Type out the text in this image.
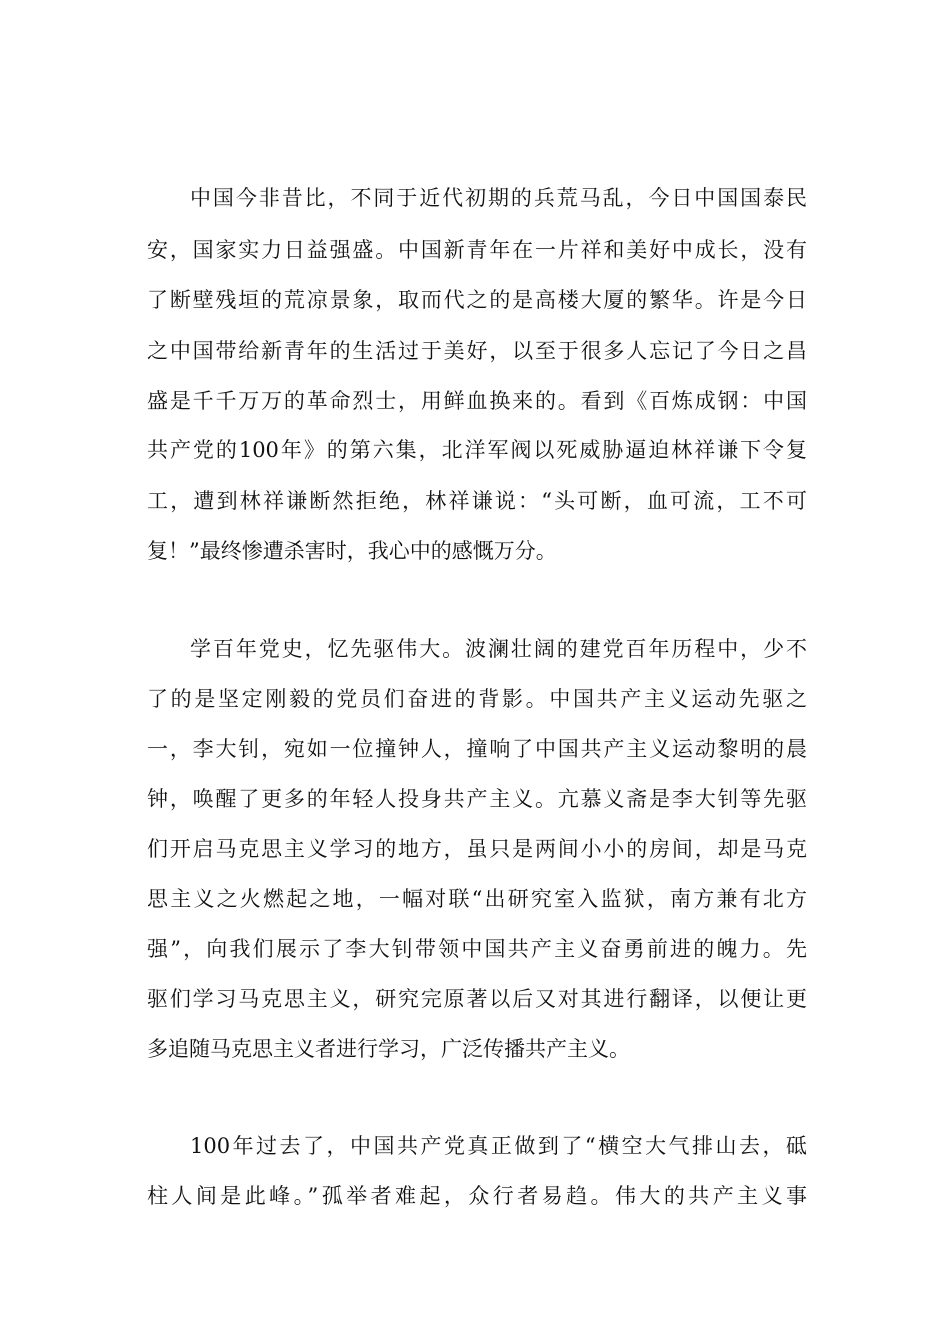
中国今非昔比，不同于近代初期的兵荒马乱，今日中国国泰民
安，国家实力日益强盛。中国新青年在一片祥和美好中成长，没有
了断壁残垣的荒凉景象，取而代之的是高楼大厦的繁华。许是今日
之中国带给新青年的生活过于美好，以至于很多人忘记了今日之昌
盛是千千万万的革命烈士，用鲜血换来的。看到《百炼成钢：中国
共产党的100年》的第六集，北洋军阀以死威胁逼迫林祥谦下令复
工，遭到林祥谦断然拒绝，林祥谦说：“头可断，血可流，工不可
复！”最终惨遭杀害时，我心中的感慨万分。
学百年党史，忆先驱伟大。波澜壮阔的建党百年历程中，少不
了的是坚定刚毅的党员们奋进的背影。中国共产主义运动先驱之
一，李大钊，宛如一位撞钟人，撞响了中国共产主义运动黎明的晨
钟，唤醒了更多的年轻人投身共产主义。亢慕义斋是李大钊等先驱
们开启马克思主义学习的地方，虽只是两间小小的房间，却是马克
思主义之火燃起之地，一幅对联“出研究室入监狱，南方兼有北方
强”，向我们展示了李大钊带领中国共产主义奋勇前进的魄力。先
驱们学习马克思主义，研究完原著以后又对其进行翻译，以便让更
多追随马克思主义者进行学习，广泛传播共产主义。
100年过去了，中国共产党真正做到了“横空大气排山去，砥
柱人间是此峰。”孤举者难起，众行者易趋。伟大的共产主义事
